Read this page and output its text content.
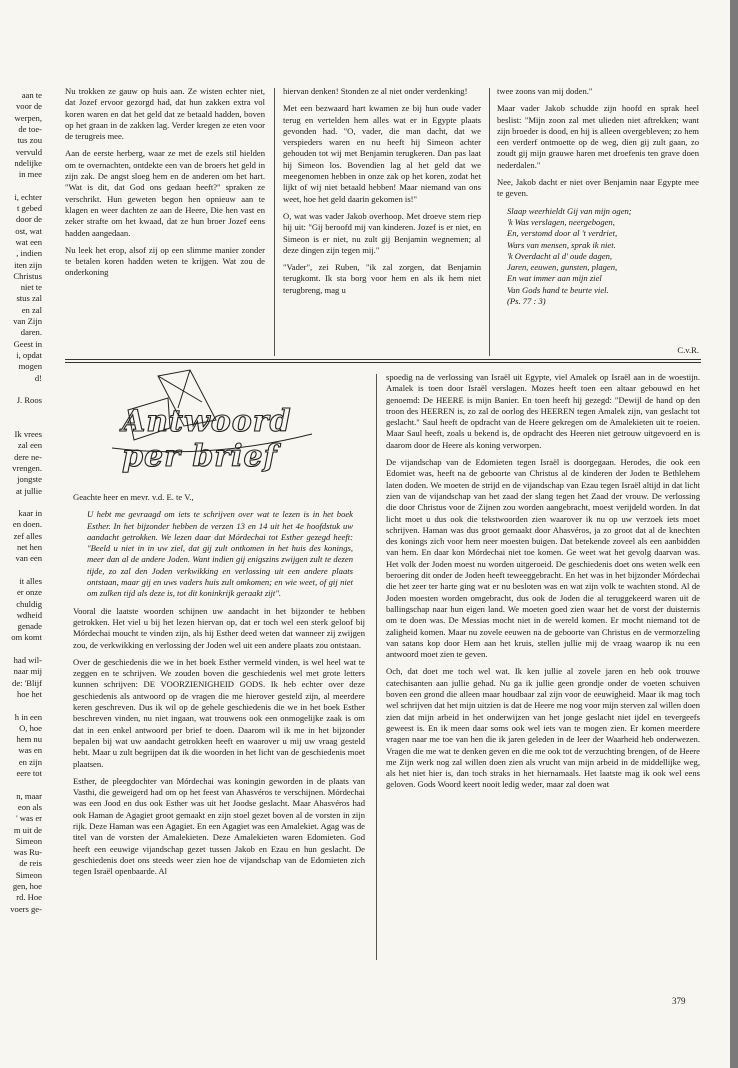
aan te
voor de
werpen,
de toe-
tus zou
vervuld
ndelijke
in mee
i, echter
t gebed
door de
ost, wat
wat een
, indien
iten zijn
Christus
niet te
stus zal
en zal
van Zijn
daren.
Geest in
i, opdat
mogen
d!
J. Roos
Ik vrees
zal een
dere ne-
vrengen.
jongste
at jullie
kaar in
en doen.
zef alles
net hen
van een
it alles
er onze
chuldig
wdheid
genade
om komt
had wil-
naar mij
de: 'Blijf
hoe het
h in een
O, hoe
hem nu
was en
en zijn
eere tot
n, maar
eon als
' was er
m uit de
Simeon
was Ru-
de reis
Simeon
gen, hoe
rd. Hoe
voers ge-

Nu trokken ze gauw op huis aan. Ze wisten echter niet, dat Jozef ervoor gezorgd had, dat hun zakken extra vol koren waren en dat het geld dat ze betaald hadden, boven op het graan in de zakken lag. Verder kregen ze eten voor de terugreis mee.

Aan de eerste herberg, waar ze met de ezels stil hielden om te overnachten, ontdekte een van de broers het geld in zijn zak. De angst sloeg hem en de anderen om het hart. "Wat is dit, dat God ons gedaan heeft?" spraken ze verschrikt. Hun geweten begon hen opnieuw aan te klagen en weer dachten ze aan de Heere, Die hen vast en zeker strafte om het kwaad, dat ze hun broer Jozef eens hadden aangedaan.

Nu leek het erop, alsof zij op een slimme manier zonder te betalen koren hadden weten te krijgen. Wat zou de onderkoning

hiervan denken! Stonden ze al niet onder verdenking!

Met een bezwaard hart kwamen ze bij hun oude vader terug en vertelden hem alles wat er in Egypte plaats gevonden had. "O, vader, die man dacht, dat we verspieders waren en nu heeft hij Simeon achter gehouden tot wij met Benjamin terugkeren. Dan pas laat hij Simeon los. Bovendien lag al het geld dat we meegenomen hebben in onze zak op het koren, zodat het lijkt of wij niet betaald hebben! Maar niemand van ons weet, hoe het geld daarin gekomen is!"

O, wat was vader Jakob overhoop. Met droeve stem riep hij uit: "Gij beroofd mij van kinderen. Jozef is er niet, en Simeon is er niet, nu zult gij Benjamin wegnemen; al deze dingen zijn tegen mij."

"Vader", zei Ruben, "ik zal zorgen, dat Benjamin terugkomt. Ik sta borg voor hem en als ik hem niet terugbreng, mag u

twee zoons van mij doden."

Maar vader Jakob schudde zijn hoofd en sprak heel beslist: "Mijn zoon zal met ulieden niet aftrekken; want zijn broeder is dood, en hij is alleen overgebleven; zo hem een verderf ontmoette op de weg, dien gij zult gaan, zo zoudt gij mijn grauwe haren met droefenis ten grave doen nederdalen."

Nee, Jakob dacht er niet over Benjamin naar Egypte mee te geven.

Slaap weerhieldt Gij van mijn ogen;
'k Was verslagen, neergebogen,
En, verstomd door al 't verdriet,
Wars van mensen, sprak ik niet.
'k Overdacht al d' oude dagen,
Jaren, eeuwen, gunsten, plagen,
En wat immer aan mijn ziel
Van Gods hand te beurte viel.
(Ps. 77 : 3)
C.v.R.
Antwoord per brief

Geachte heer en mevr. v.d. E. te V.,

U hebt me gevraagd om iets te schrijven over wat te lezen is in het boek Esther. In het bijzonder hebben de verzen 13 en 14 uit het 4e hoofdstuk uw aandacht getrokken. We lezen daar dat Mórdechai tot Esther gezegd heeft: "Beeld u niet in in uw ziel, dat gij zult ontkomen in het huis des konings, meer dan al de andere Joden. Want indien gij enigszins zwijgen zult te dezen tijde, zo zal den Joden verkwikking en verlossing uit een andere plaats ontstaan, maar gij en uws vaders huis zult omkomen; en wie weet, of gij niet om zulken tijd als deze is, tot dit koninkrijk geraakt zijt".

Vooral die laatste woorden schijnen uw aandacht in het bijzonder te hebben getrokken. Het viel u bij het lezen hiervan op, dat er toch wel een sterk geloof bij Mórdechai moucht te vinden zijn, als hij Esther deed weten dat wanneer zij zwijgen zou, de verkwikking en verlossing der Joden wel uit een andere plaats zou ontstaan.

Over de geschiedenis die we in het boek Esther vermeld vinden, is wel heel wat te zeggen en te schrijven. We zouden boven die geschiedenis wel met grote letters kunnen schrijven: DE VOORZIENIGHEID GODS. Ik heb echter over deze geschiedenis als antwoord op de vragen die me hierover gesteld zijn, al meerdere keren geschreven. Dus ik wil op de gehele geschiedenis die we in het boek Esther beschreven vinden, nu niet ingaan, wat trouwens ook een onmogelijke zaak is om dat in een enkel antwoord per brief te doen. Daarom wil ik me in het bijzonder bepalen bij wat uw aandacht getrokken heeft en waarover u mij uw vraag gesteld hebt. Maar u zult begrijpen dat ik die woorden in het licht van de geschiedenis moet plaatsen.

Esther, de pleegdochter van Mórdechai was koningin geworden in de plaats van Vasthi, die geweigerd had om op het feest van Ahasvéros te verschijnen. Mórdechai was een Jood en dus ook Esther was uit het Joodse geslacht. Maar Ahasvéros had ook Haman de Agagiet groot gemaakt en zijn stoel gezet boven al de vorsten in zijn rijk. Deze Haman was een Agagiet. En een Agagiet was een Amalekiet. Agag was de titel van de vorsten der Amalekieten. Deze Amalekieten waren Edomieten. God heeft een eeuwige vijandschap gezet tussen Jakob en Ezau en hun geslacht. De geschiedenis doet ons steeds weer zien hoe de vijandschap van de Edomieten zich tegen Israël openbaarde. Al

spoedig na de verlossing van Israël uit Egypte, viel Amalek op Israël aan in de woestijn. Amalek is toen door Israël verslagen. Mozes heeft toen een altaar gebouwd en het genoemd: De HEERE is mijn Banier. En toen heeft hij gezegd: "Dewijl de hand op den troon des HEEREN is, zo zal de oorlog des HEEREN tegen Amalek zijn, van geslacht tot geslacht." Saul heeft de opdracht van de Heere gekregen om de Amalekieten uit te roeien. Maar Saul heeft, zoals u bekend is, de opdracht des Heeren niet getrouw uitgevoerd en is daarom door de Heere als koning verworpen.

De vijandschap van de Edomieten tegen Israël is doorgegaan. Herodes, die ook een Edomiet was, heeft na de geboorte van Christus al de kinderen der Joden te Bethlehem laten doden. We moeten de strijd en de vijandschap van Ezau tegen Israël altijd in dat licht zien van de vijandschap van het zaad der slang tegen het Zaad der vrouw. De verlossing die door Christus voor de Zijnen zou worden aangebracht, moest verijdeld worden. In dat licht moet u dus ook die tekstwoorden zien waarover ik nu op uw verzoek iets moet schrijven. Haman was dus groot gemaakt door Ahasvéros, ja zo groot dat al de knechten des konings zich voor hem neer moesten buigen. Dat betekende zoveel als een aanbidden van hem. En daar kon Mórdechai niet toe komen. Ge weet wat het gevolg daarvan was. Het volk der Joden moest nu worden uitgeroeid. De geschiedenis doet ons weten welk een beroering dit onder de Joden heeft teweeggebracht. En het was in het bijzonder Mórdechai die het zeer ter harte ging wat er nu besloten was en wat zijn volk te wachten stond. Al de Joden moesten worden omgebracht, dus ook de Joden die al teruggekeerd waren uit de ballingschap naar hun eigen land. We moeten goed zien waar het de vorst der duisternis om te doen was. De Messias mocht niet in de wereld komen. Er mocht niemand tot de zaligheid komen. Maar nu zovele eeuwen na de geboorte van Christus en de vermorzeling van satans kop door Hem aan het kruis, stellen jullie mij de vraag waarop ik nu een antwoord moet zien te geven.

Och, dat doet me toch wel wat. Ik ken jullie al zovele jaren en heb ook trouwe catechisanten aan jullie gehad. Nu ga ik jullie geen grondje onder de voeten schuiven boven een grond die alleen maar houdbaar zal zijn voor de eeuwigheid. Maar ik mag toch wel schrijven dat het mijn uitzien is dat de Heere me nog voor mijn sterven zal willen doen zien dat mijn arbeid in het onderwijzen van het jonge geslacht niet ijdel en tevergeefs geweest is. En ik meen daar soms ook wel iets van te mogen zien. Er komen meerdere vragen naar me toe van hen die ik jaren geleden in de leer der Waarheid heb onderwezen. Vragen die me wat te denken geven en die me ook tot de verzuchting brengen, of de Heere me Zijn werk nog zal willen doen zien als vrucht van mijn arbeid in de middellijke weg, als het niet hier is, dan toch straks in het hiernamaals. Het laatste mag ik ook wel eens geloven. Gods Woord keert nooit ledig weder, maar zal doen wat

379
